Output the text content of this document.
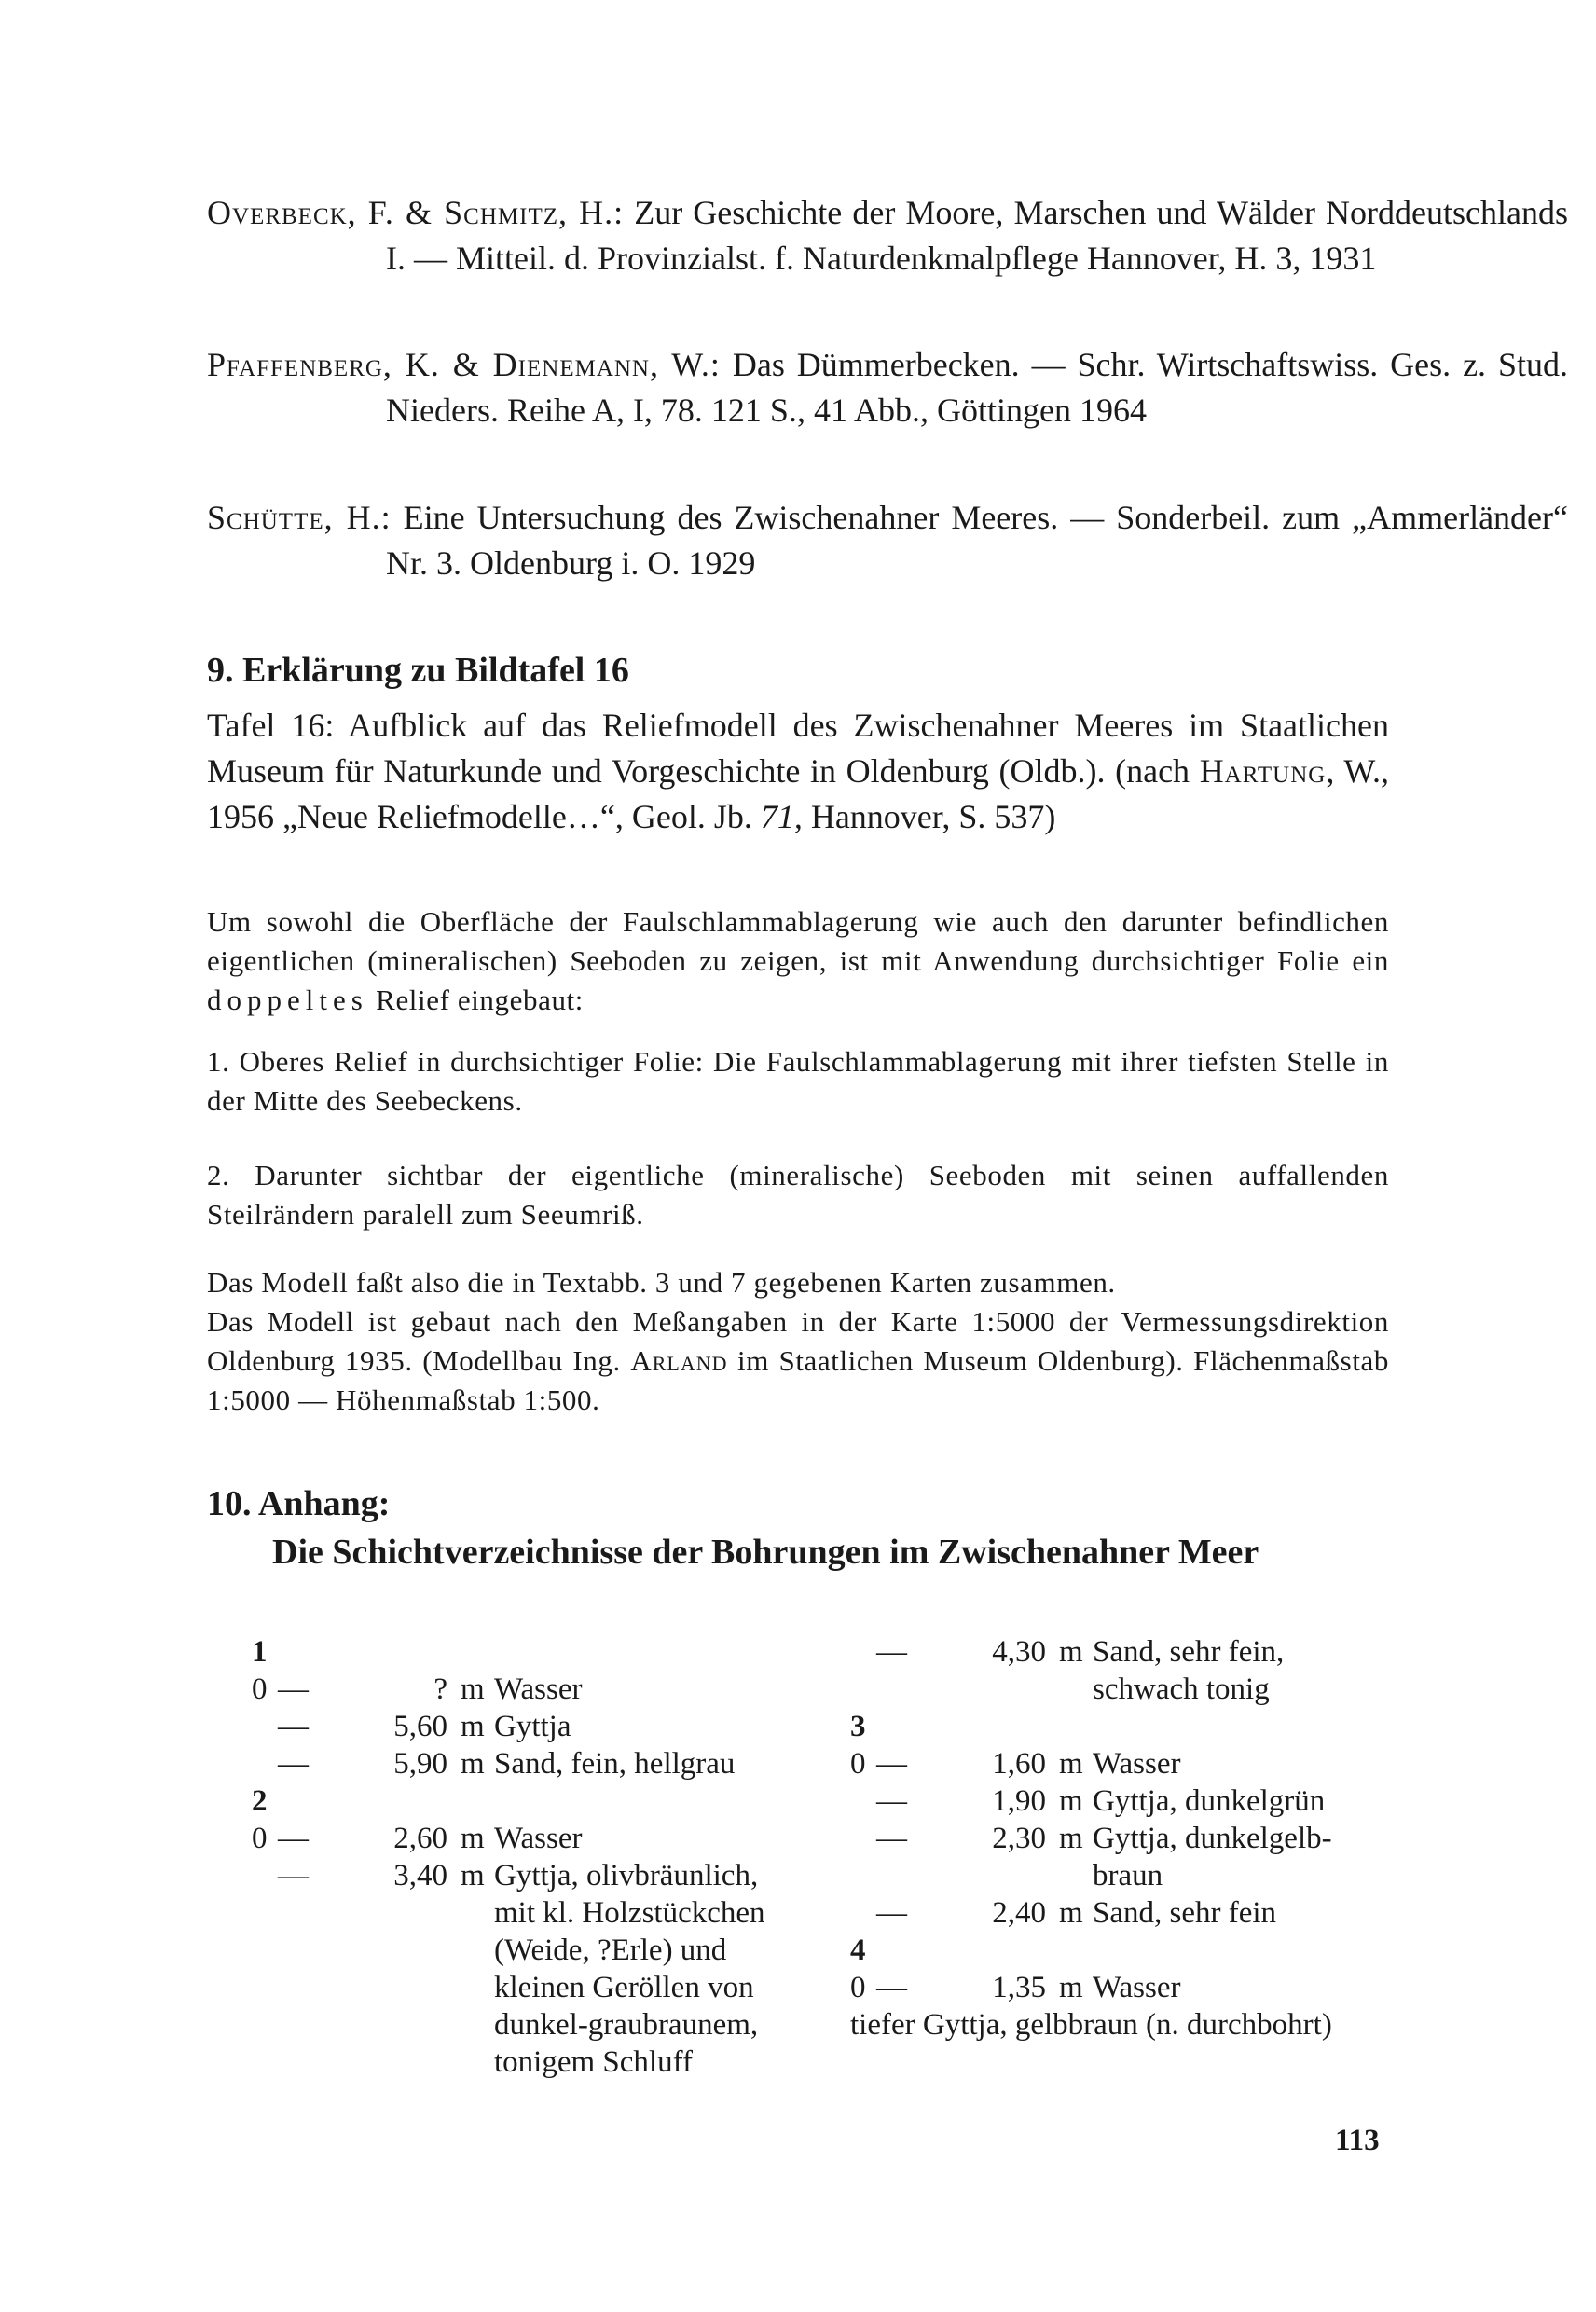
Overbeck, F. & Schmitz, H.: Zur Geschichte der Moore, Marschen und Wälder Norddeutschlands I. — Mitteil. d. Provinzialst. f. Naturdenkmalpflege Hannover, H. 3, 1931
Pfaffenberg, K. & Dienemann, W.: Das Dümmerbecken. — Schr. Wirtschaftswiss. Ges. z. Stud. Nieders. Reihe A, I, 78. 121 S., 41 Abb., Göttingen 1964
Schütte, H.: Eine Untersuchung des Zwischenahner Meeres. — Sonderbeil. zum „Ammerländer“ Nr. 3. Oldenburg i. O. 1929
9. Erklärung zu Bildtafel 16
Tafel 16: Aufblick auf das Reliefmodell des Zwischenahner Meeres im Staatlichen Museum für Naturkunde und Vorgeschichte in Oldenburg (Oldb.). (nach Hartung, W., 1956 „Neue Reliefmodelle…“, Geol. Jb. 71, Hannover, S. 537)
Um sowohl die Oberfläche der Faulschlammablagerung wie auch den darunter befindlichen eigentlichen (mineralischen) Seeboden zu zeigen, ist mit Anwendung durchsichtiger Folie ein doppeltes Relief eingebaut:
1. Oberes Relief in durchsichtiger Folie: Die Faulschlammablagerung mit ihrer tiefsten Stelle in der Mitte des Seebeckens.
2. Darunter sichtbar der eigentliche (mineralische) Seeboden mit seinen auffallenden Steilrändern paralell zum Seeumriß.
Das Modell faßt also die in Textabb. 3 und 7 gegebenen Karten zusammen.
Das Modell ist gebaut nach den Meßangaben in der Karte 1:5000 der Vermessungsdirektion Oldenburg 1935. (Modellbau Ing. Arland im Staatlichen Museum Oldenburg). Flächenmaßstab 1:5000 — Höhenmaßstab 1:500.
10. Anhang:
Die Schichtverzeichnisse der Bohrungen im Zwischenahner Meer
1
0 —	? m Wasser
—	5,60 m Gyttja
—	5,90 m Sand, fein, hellgrau
2
0 —	2,60 m Wasser
—	3,40 m Gyttja, olivbräunlich,
mit kl. Holzstückchen
(Weide, ?Erle) und
kleinen Geröllen von
dunkel-graubraunem,
tonigem Schluff
—	4,30 m Sand, sehr fein,
schwach tonig
3
0 —	1,60 m Wasser
—	1,90 m Gyttja, dunkelgrün
—	2,30 m Gyttja, dunkelgelb-
braun
—	2,40 m Sand, sehr fein
4
0 —	1,35 m Wasser
tiefer Gyttja, gelbbraun (n. durchbohrt)
113
